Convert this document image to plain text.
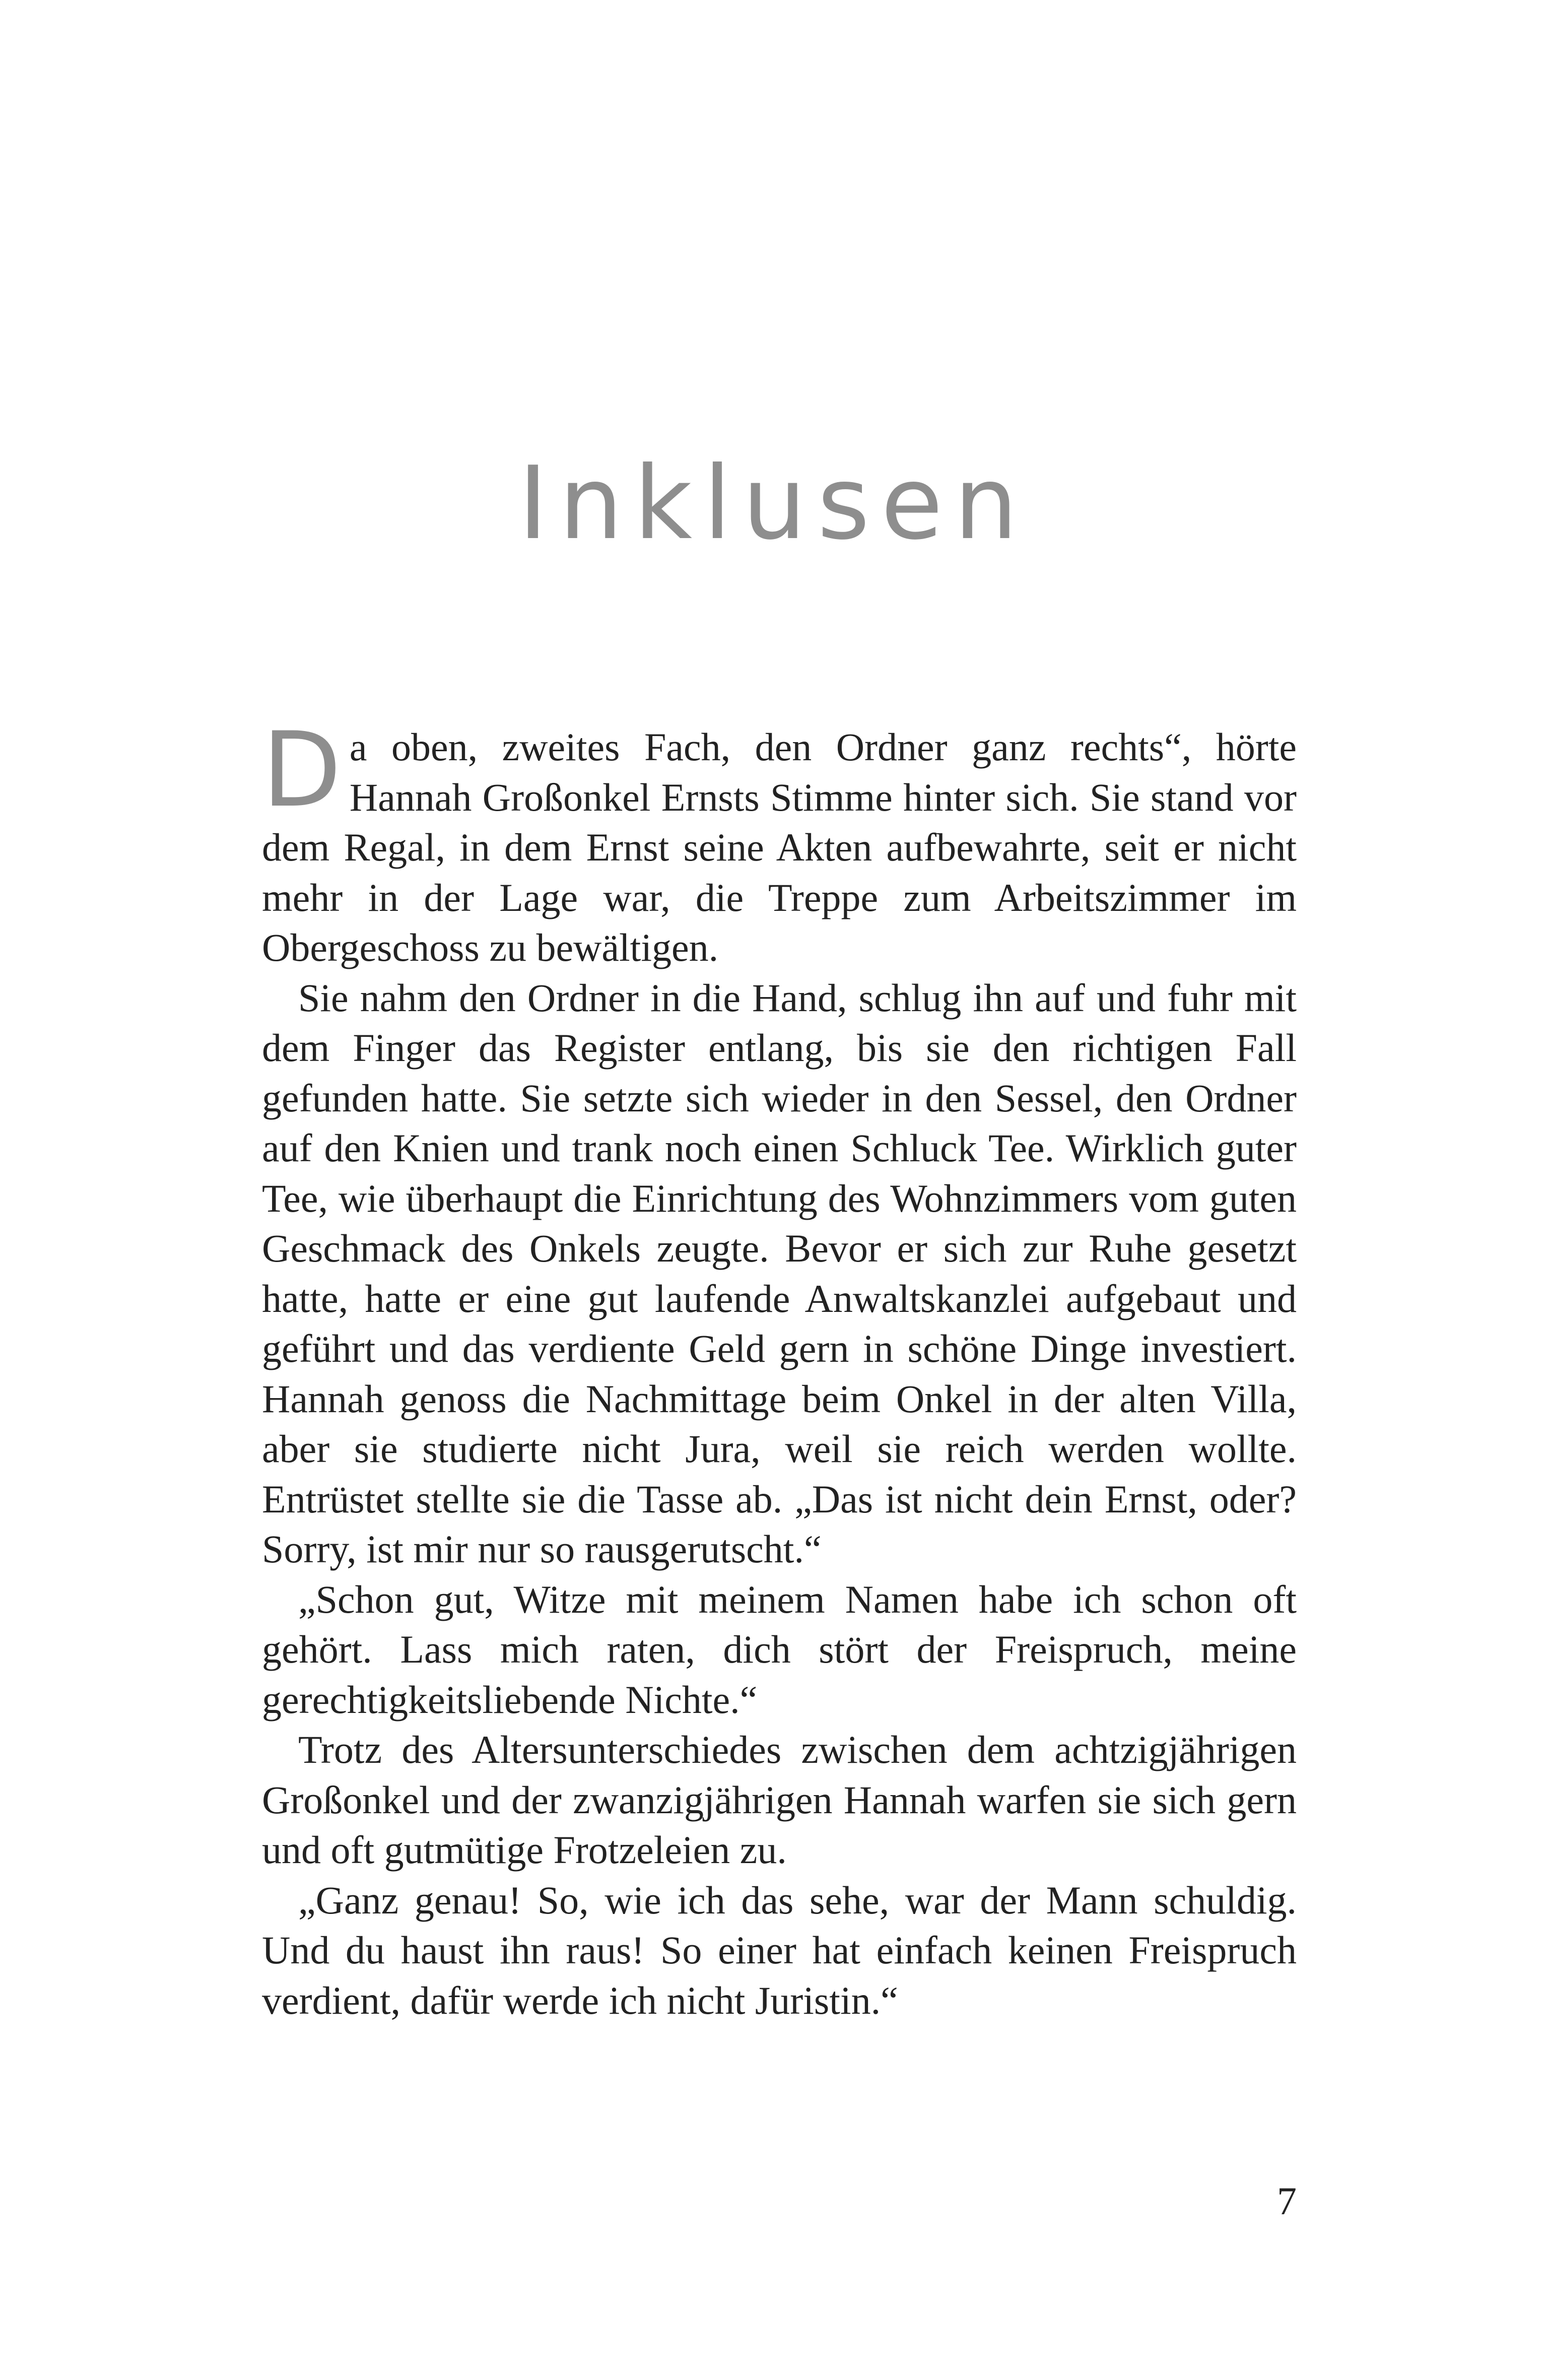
Inklusen

Da oben, zweites Fach, den Ordner ganz rechts“, hörte Hannah Großonkel Ernsts Stimme hinter sich. Sie stand vor dem Regal, in dem Ernst seine Akten aufbewahrte, seit er nicht mehr in der Lage war, die Treppe zum Arbeitszimmer im Obergeschoss zu bewältigen.

Sie nahm den Ordner in die Hand, schlug ihn auf und fuhr mit dem Finger das Register entlang, bis sie den richtigen Fall gefunden hatte. Sie setzte sich wieder in den Sessel, den Ordner auf den Knien und trank noch einen Schluck Tee. Wirklich guter Tee, wie überhaupt die Einrichtung des Wohnzimmers vom guten Geschmack des Onkels zeugte. Bevor er sich zur Ruhe gesetzt hatte, hatte er eine gut laufende Anwaltskanzlei aufgebaut und geführt und das verdiente Geld gern in schöne Dinge investiert. Hannah genoss die Nachmittage beim Onkel in der alten Villa, aber sie studierte nicht Jura, weil sie reich werden wollte. Entrüstet stellte sie die Tasse ab. „Das ist nicht dein Ernst, oder? Sorry, ist mir nur so rausgerutscht.“

„Schon gut, Witze mit meinem Namen habe ich schon oft gehört. Lass mich raten, dich stört der Freispruch, meine gerechtigkeitsliebende Nichte.“

Trotz des Altersunterschiedes zwischen dem achtzigjährigen Großonkel und der zwanzigjährigen Hannah warfen sie sich gern und oft gutmütige Frotzeleien zu.

„Ganz genau! So, wie ich das sehe, war der Mann schuldig. Und du haust ihn raus! So einer hat einfach keinen Freispruch verdient, dafür werde ich nicht Juristin.“

7
